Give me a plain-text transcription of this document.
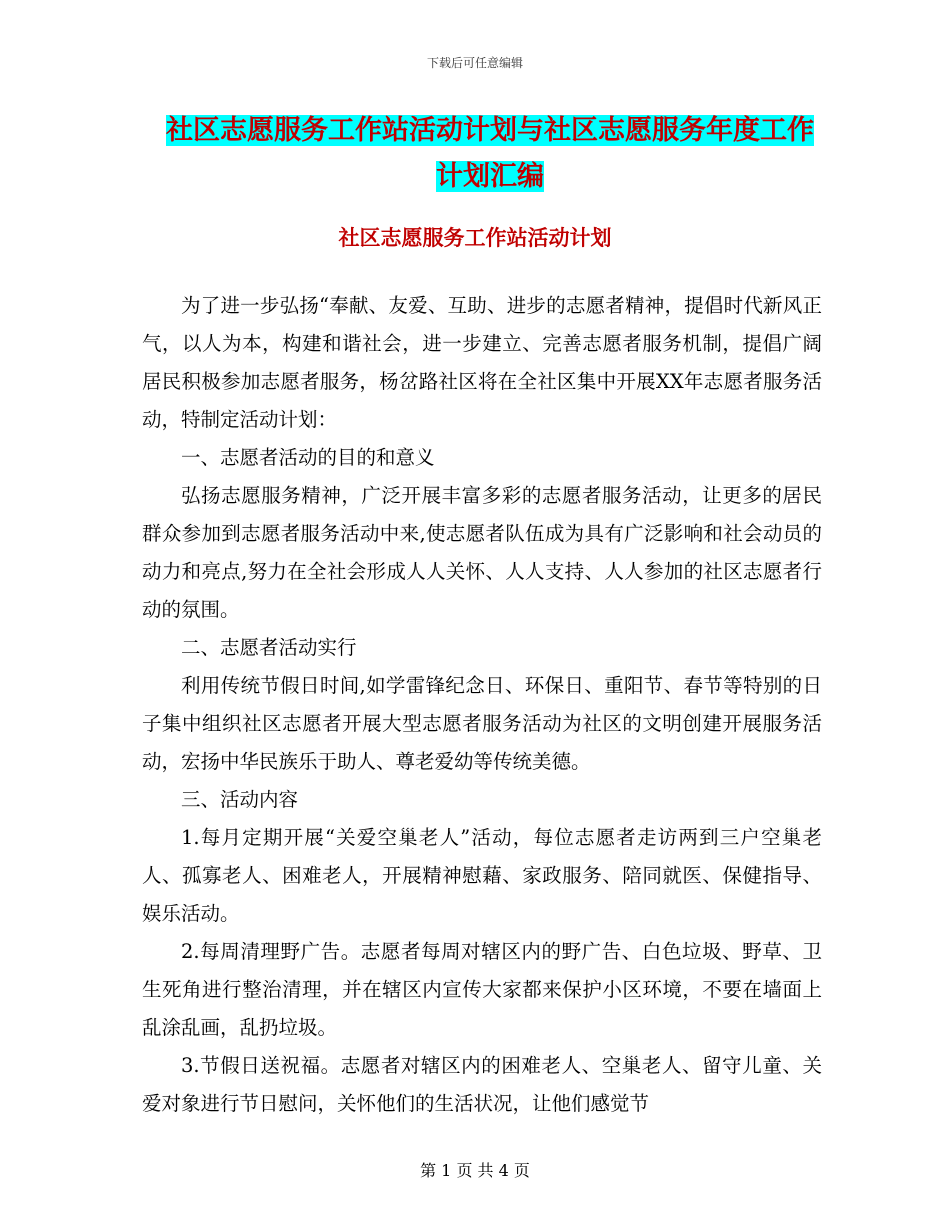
下载后可任意编辑
社区志愿服务工作站活动计划与社区志愿服务年度工作计划汇编
社区志愿服务工作站活动计划

为了进一步弘扬“奉献、友爱、互助、进步的志愿者精神，提倡时代新风正气，以人为本，构建和谐社会，进一步建立、完善志愿者服务机制，提倡广阔居民积极参加志愿者服务，杨岔路社区将在全社区集中开展XX年志愿者服务活动，特制定活动计划：

一、志愿者活动的目的和意义

弘扬志愿服务精神，广泛开展丰富多彩的志愿者服务活动，让更多的居民群众参加到志愿者服务活动中来,使志愿者队伍成为具有广泛影响和社会动员的动力和亮点,努力在全社会形成人人关怀、人人支持、人人参加的社区志愿者行动的氛围。

二、志愿者活动实行

利用传统节假日时间,如学雷锋纪念日、环保日、重阳节、春节等特别的日子集中组织社区志愿者开展大型志愿者服务活动为社区的文明创建开展服务活动，宏扬中华民族乐于助人、尊老爱幼等传统美德。

三、活动内容

1.每月定期开展“关爱空巢老人”活动，每位志愿者走访两到三户空巢老人、孤寡老人、困难老人，开展精神慰藉、家政服务、陪同就医、保健指导、娱乐活动。

2.每周清理野广告。志愿者每周对辖区内的野广告、白色垃圾、野草、卫生死角进行整治清理，并在辖区内宣传大家都来保护小区环境，不要在墙面上乱涂乱画，乱扔垃圾。

3.节假日送祝福。志愿者对辖区内的困难老人、空巢老人、留守儿童、关爱对象进行节日慰问，关怀他们的生活状况，让他们感觉节

第 1 页 共 4 页
